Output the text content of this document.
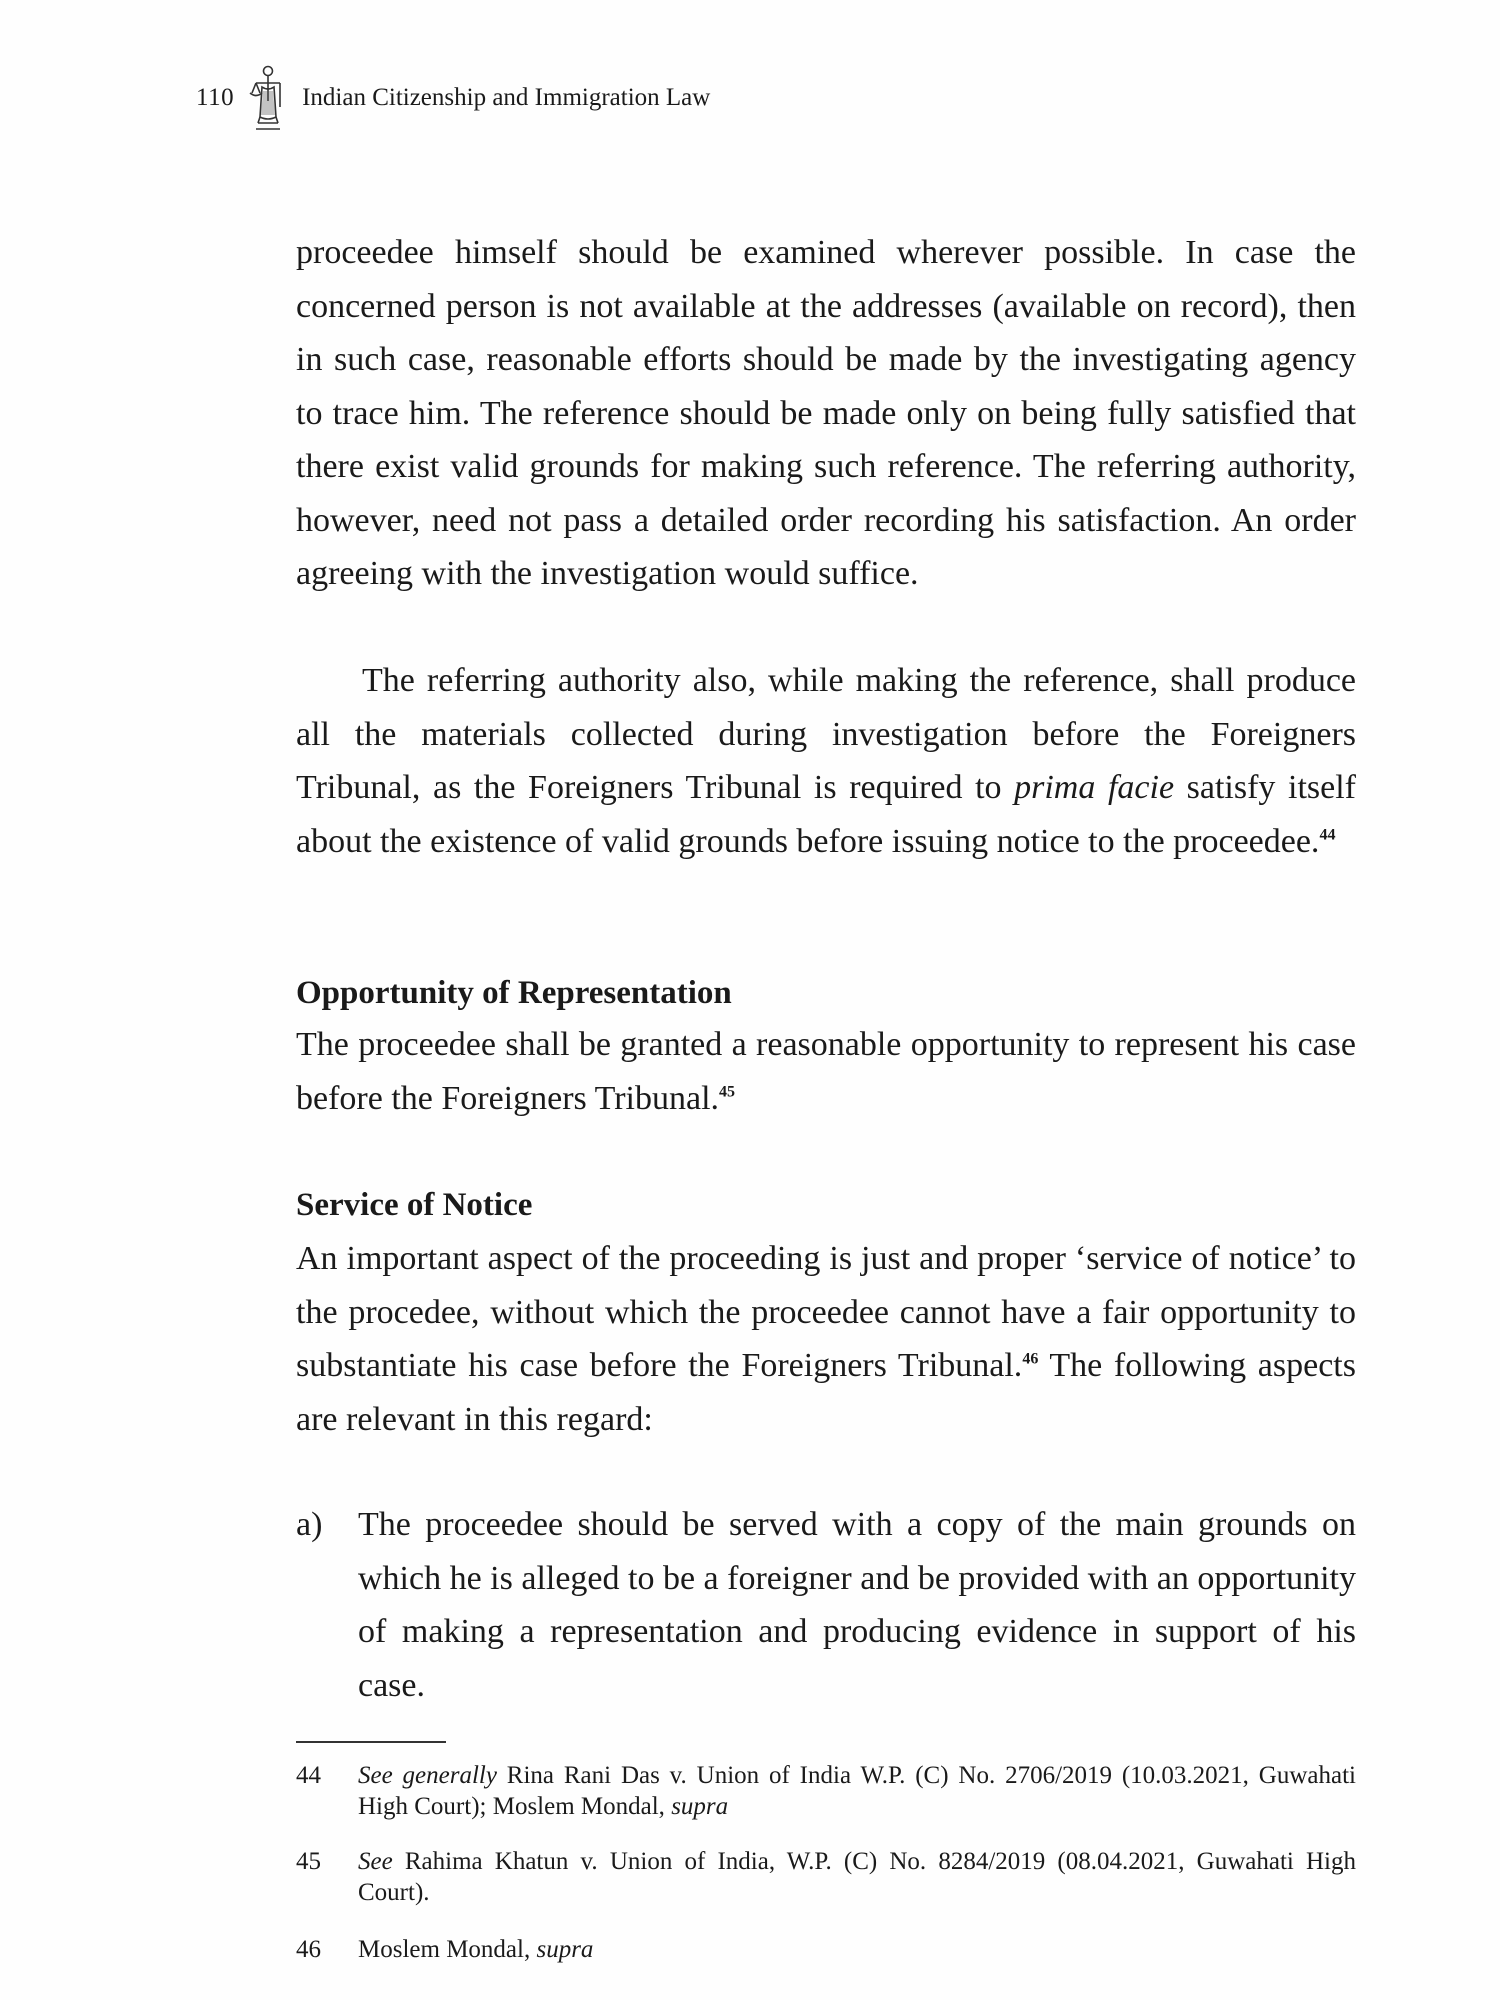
110	Indian Citizenship and Immigration Law

proceedee himself should be examined wherever possible. In case the concerned person is not available at the addresses (available on record), then in such case, reasonable efforts should be made by the investigating agency to trace him. The reference should be made only on being fully satisfied that there exist valid grounds for making such reference. The referring authority, however, need not pass a detailed order recording his satisfaction. An order agreeing with the investigation would suffice.

The referring authority also, while making the reference, shall produce all the materials collected during investigation before the Foreigners Tribunal, as the Foreigners Tribunal is required to prima facie satisfy itself about the existence of valid grounds before issuing notice to the proceedee.$^{44}$

Opportunity of Representation

The proceedee shall be granted a reasonable opportunity to represent his case before the Foreigners Tribunal.$^{45}$

Service of Notice

An important aspect of the proceeding is just and proper ‘service of notice’ to the procedee, without which the proceedee cannot have a fair opportunity to substantiate his case before the Foreigners Tribunal.$^{46}$ The following aspects are relevant in this regard:

a)	The proceedee should be served with a copy of the main grounds on which he is alleged to be a foreigner and be provided with an opportunity of making a representation and producing evidence in support of his case.
44	See generally Rina Rani Das v. Union of India W.P. (C) No. 2706/2019 (10.03.2021, Guwahati High Court); Moslem Mondal, supra
45	See Rahima Khatun v. Union of India, W.P. (C) No. 8284/2019 (08.04.2021, Guwahati High Court).
46	Moslem Mondal, supra
